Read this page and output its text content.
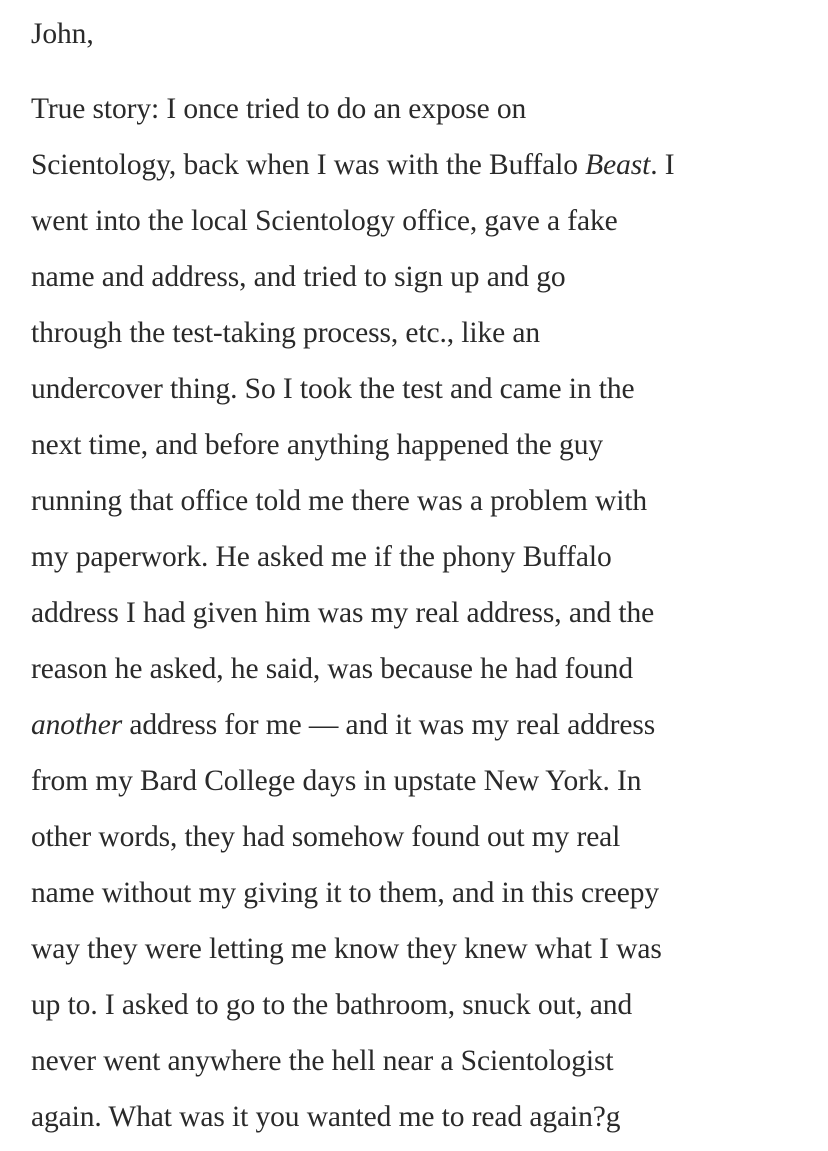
John,

True story: I once tried to do an expose on
Scientology, back when I was with the Buffalo Beast. I
went into the local Scientology office, gave a fake
name and address, and tried to sign up and go
through the test-taking process, etc., like an
undercover thing. So I took the test and came in the
next time, and before anything happened the guy
running that office told me there was a problem with
my paperwork. He asked me if the phony Buffalo
address I had given him was my real address, and the
reason he asked, he said, was because he had found
another address for me — and it was my real address
from my Bard College days in upstate New York. In
other words, they had somehow found out my real
name without my giving it to them, and in this creepy
way they were letting me know they knew what I was
up to. I asked to go to the bathroom, snuck out, and
never went anywhere the hell near a Scientologist
again. What was it you wanted me to read again?g
